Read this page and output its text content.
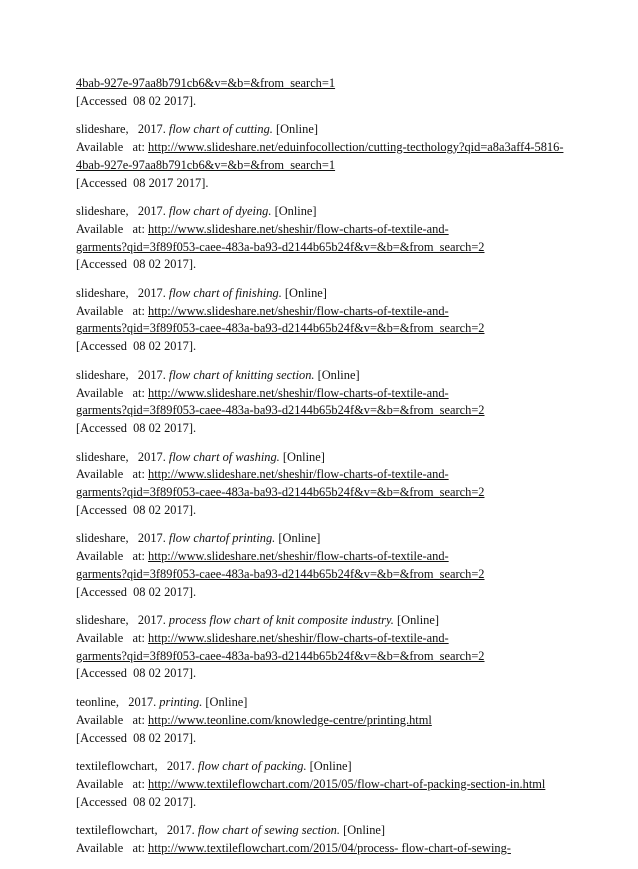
4bab-927e-97aa8b791cb6&v=&b=&from_search=1
[Accessed  08 02 2017].
slideshare,   2017. flow chart of cutting. [Online]
Available   at: http://www.slideshare.net/eduinfocollection/cutting-tecthology?qid=a8a3aff4-5816-
4bab-927e-97aa8b791cb6&v=&b=&from_search=1
[Accessed  08 2017 2017].
slideshare,   2017. flow chart of dyeing. [Online]
Available   at: http://www.slideshare.net/sheshir/flow-charts-of-textile-and-
garments?qid=3f89f053-caee-483a-ba93-d2144b65b24f&v=&b=&from_search=2
[Accessed  08 02 2017].
slideshare,   2017. flow chart of finishing. [Online]
Available   at: http://www.slideshare.net/sheshir/flow-charts-of-textile-and-
garments?qid=3f89f053-caee-483a-ba93-d2144b65b24f&v=&b=&from_search=2
[Accessed  08 02 2017].
slideshare,   2017. flow chart of knitting section. [Online]
Available   at: http://www.slideshare.net/sheshir/flow-charts-of-textile-and-
garments?qid=3f89f053-caee-483a-ba93-d2144b65b24f&v=&b=&from_search=2
[Accessed  08 02 2017].
slideshare,   2017. flow chart of washing. [Online]
Available   at: http://www.slideshare.net/sheshir/flow-charts-of-textile-and-
garments?qid=3f89f053-caee-483a-ba93-d2144b65b24f&v=&b=&from_search=2
[Accessed  08 02 2017].
slideshare,   2017. flow chartof printing. [Online]
Available   at: http://www.slideshare.net/sheshir/flow-charts-of-textile-and-
garments?qid=3f89f053-caee-483a-ba93-d2144b65b24f&v=&b=&from_search=2
[Accessed  08 02 2017].
slideshare,   2017. process flow chart of knit composite industry. [Online]
Available   at: http://www.slideshare.net/sheshir/flow-charts-of-textile-and-
garments?qid=3f89f053-caee-483a-ba93-d2144b65b24f&v=&b=&from_search=2
[Accessed  08 02 2017].
teonline,   2017. printing. [Online]
Available   at: http://www.teonline.com/knowledge-centre/printing.html
[Accessed  08 02 2017].
textileflowchart,   2017. flow chart of packing. [Online]
Available   at: http://www.textileflowchart.com/2015/05/flow-chart-of-packing-section-in.html
[Accessed  08 02 2017].
textileflowchart,   2017. flow chart of sewing section. [Online]
Available   at: http://www.textileflowchart.com/2015/04/process- flow-chart-of-sewing-
